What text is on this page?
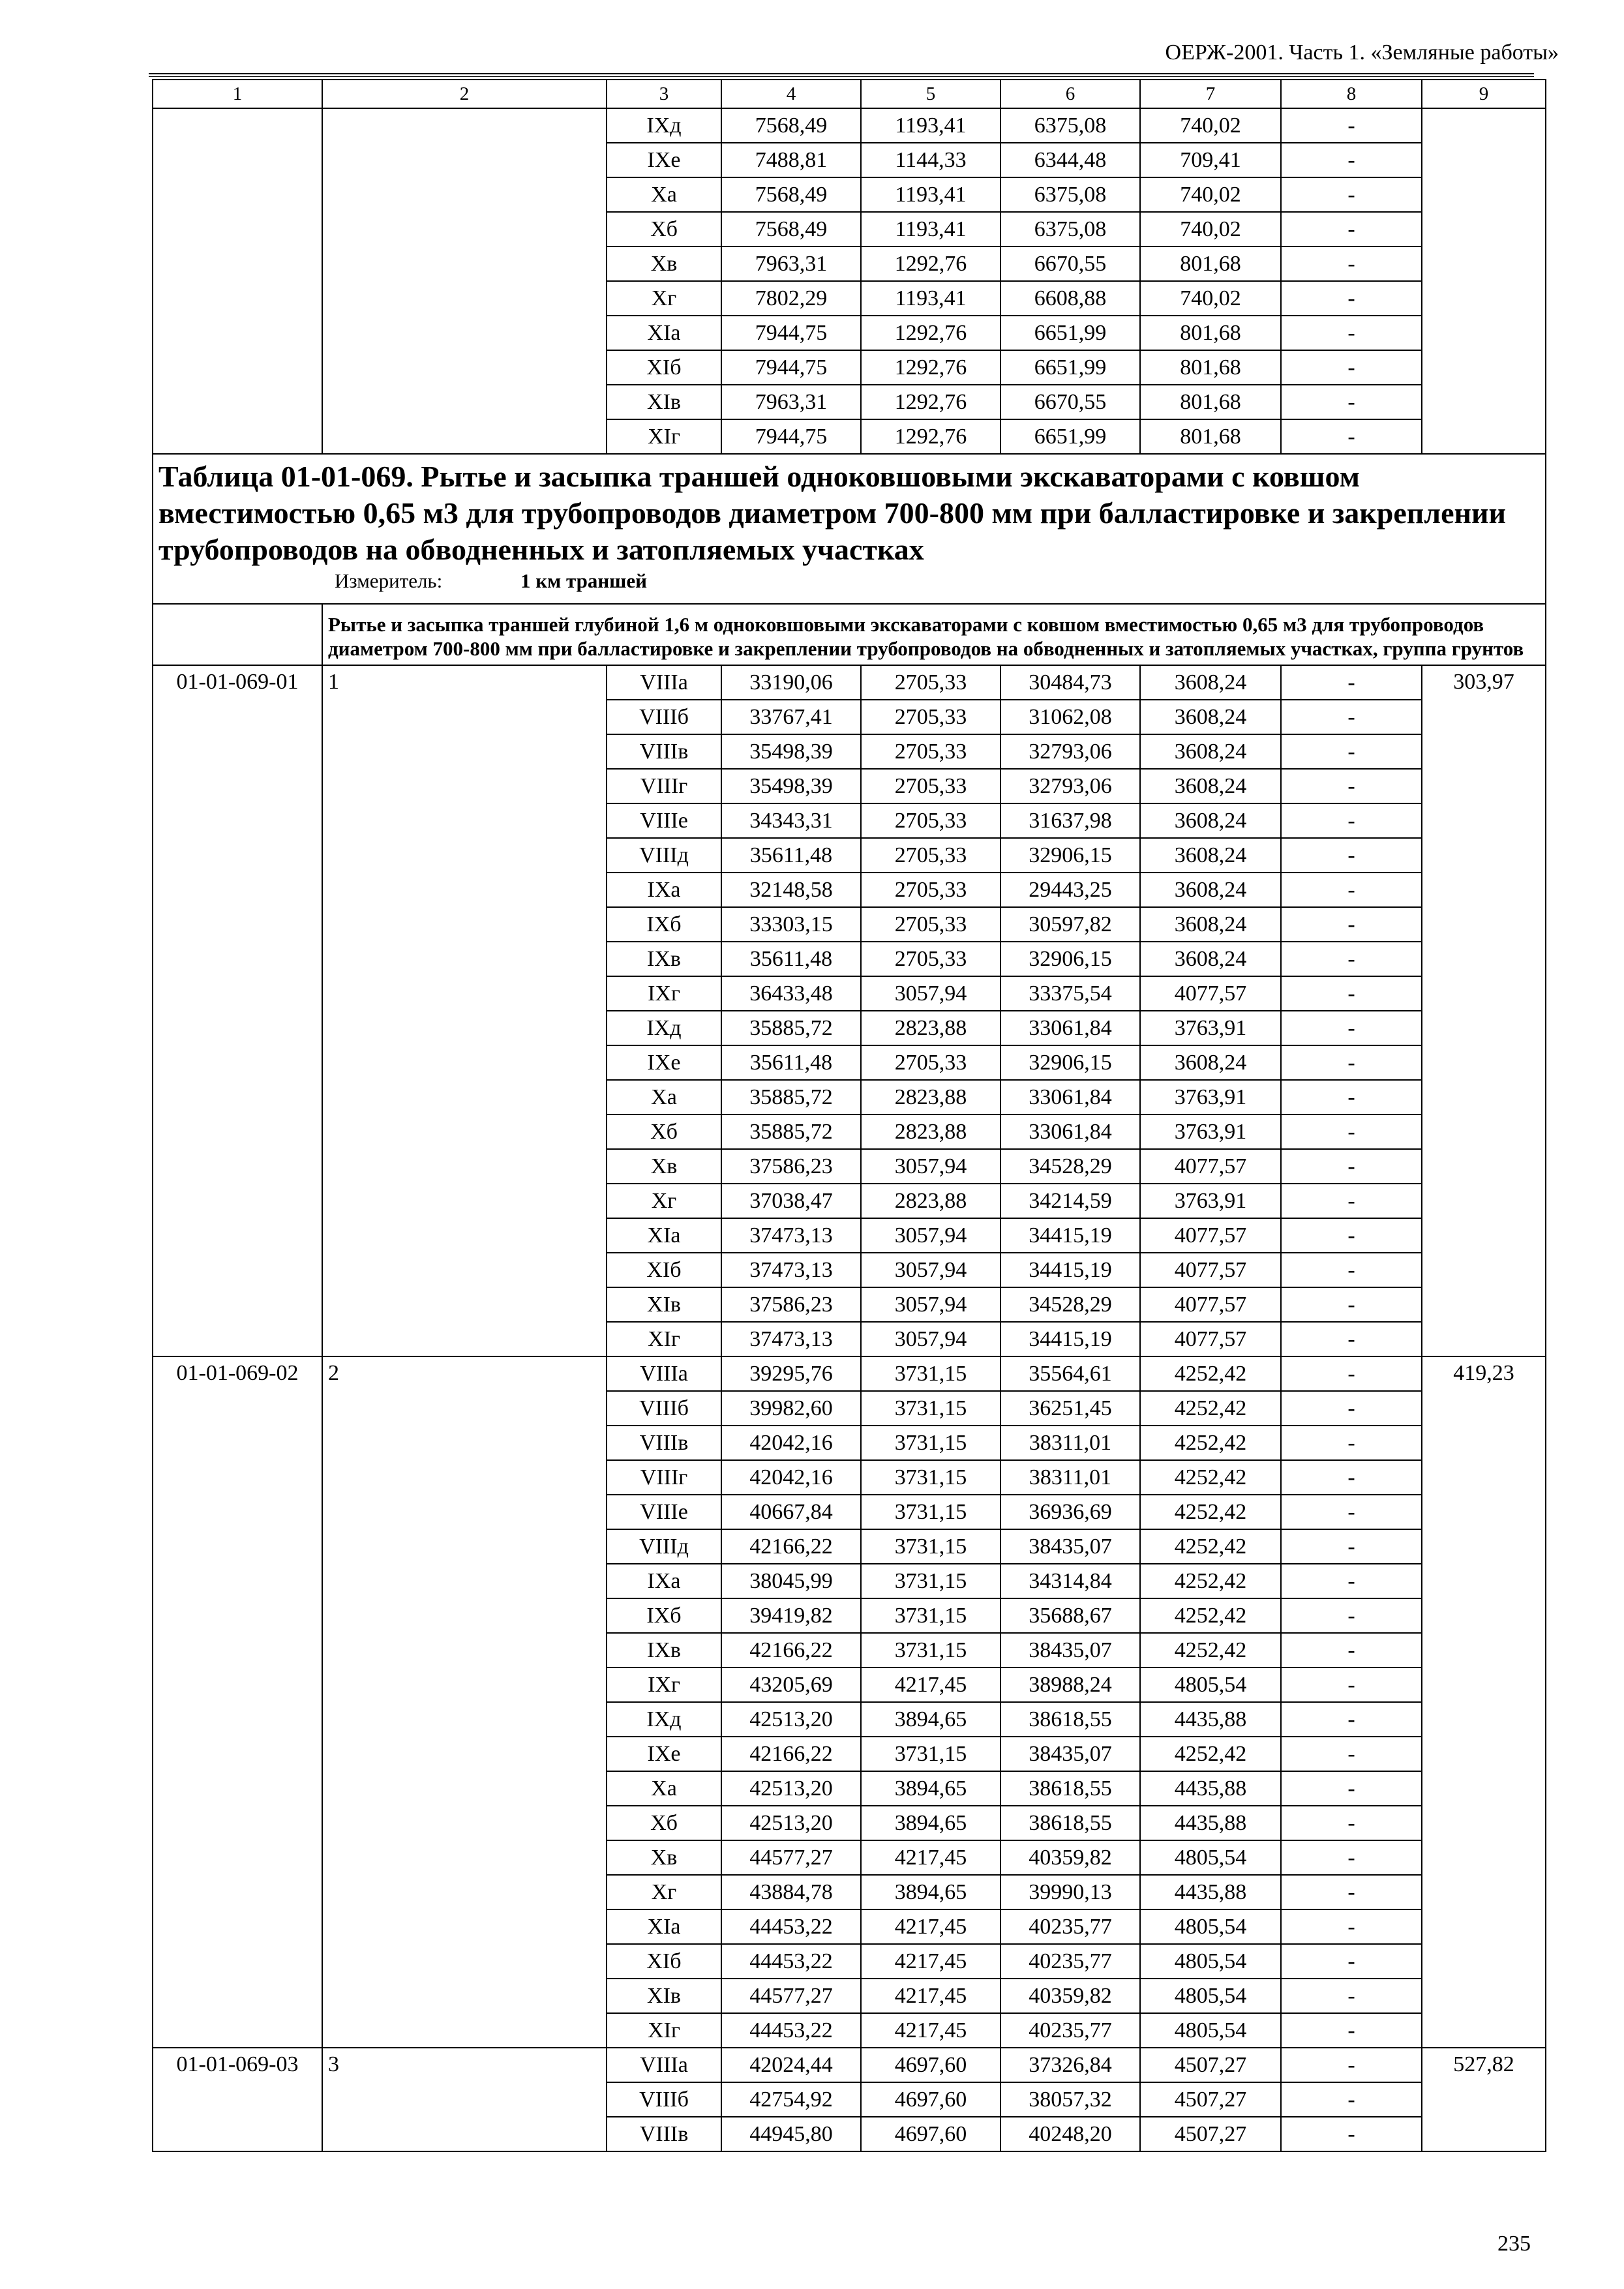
ОЕРЖ-2001. Часть 1. «Земляные работы»
1	2	3	4	5	6	7	8	9
		IXд	7568,49	1193,41	6375,08	740,02	-	
		IXе	7488,81	1144,33	6344,48	709,41	-	
		Xа	7568,49	1193,41	6375,08	740,02	-	
		Xб	7568,49	1193,41	6375,08	740,02	-	
		Xв	7963,31	1292,76	6670,55	801,68	-	
		Xг	7802,29	1193,41	6608,88	740,02	-	
		XIа	7944,75	1292,76	6651,99	801,68	-	
		XIб	7944,75	1292,76	6651,99	801,68	-	
		XIв	7963,31	1292,76	6670,55	801,68	-	
		XIг	7944,75	1292,76	6651,99	801,68	-	

Таблица 01-01-069. Рытье и засыпка траншей одноковшовыми экскаваторами с ковшом вместимостью 0,65 м3 для трубопроводов диаметром 700-800 мм при балластировке и закреплении трубопроводов на обводненных и затопляемых участках
Измеритель: 1 км траншей								

	Рытье и засыпка траншей глубиной 1,6 м одноковшовыми экскаваторами с ковшом вместимостью 0,65 м3 для трубопроводов диаметром 700-800 мм при балластировке и закреплении трубопроводов на обводненных и затопляемых участках, группа грунтов							
01-01-069-01	1	VIIIа	33190,06	2705,33	30484,73	3608,24	-	303,97
		VIIIб	33767,41	2705,33	31062,08	3608,24	-	
		VIIIв	35498,39	2705,33	32793,06	3608,24	-	
		VIIIг	35498,39	2705,33	32793,06	3608,24	-	
		VIIIе	34343,31	2705,33	31637,98	3608,24	-	
		VIIIд	35611,48	2705,33	32906,15	3608,24	-	
		IXа	32148,58	2705,33	29443,25	3608,24	-	
		IXб	33303,15	2705,33	30597,82	3608,24	-	
		IXв	35611,48	2705,33	32906,15	3608,24	-	
		IXг	36433,48	3057,94	33375,54	4077,57	-	
		IXд	35885,72	2823,88	33061,84	3763,91	-	
		IXе	35611,48	2705,33	32906,15	3608,24	-	
		Xа	35885,72	2823,88	33061,84	3763,91	-	
		Xб	35885,72	2823,88	33061,84	3763,91	-	
		Xв	37586,23	3057,94	34528,29	4077,57	-	
		Xг	37038,47	2823,88	34214,59	3763,91	-	
		XIа	37473,13	3057,94	34415,19	4077,57	-	
		XIб	37473,13	3057,94	34415,19	4077,57	-	
		XIв	37586,23	3057,94	34528,29	4077,57	-	
		XIг	37473,13	3057,94	34415,19	4077,57	-	
01-01-069-02	2	VIIIа	39295,76	3731,15	35564,61	4252,42	-	419,23
		VIIIб	39982,60	3731,15	36251,45	4252,42	-	
		VIIIв	42042,16	3731,15	38311,01	4252,42	-	
		VIIIг	42042,16	3731,15	38311,01	4252,42	-	
		VIIIе	40667,84	3731,15	36936,69	4252,42	-	
		VIIIд	42166,22	3731,15	38435,07	4252,42	-	
		IXа	38045,99	3731,15	34314,84	4252,42	-	
		IXб	39419,82	3731,15	35688,67	4252,42	-	
		IXв	42166,22	3731,15	38435,07	4252,42	-	
		IXг	43205,69	4217,45	38988,24	4805,54	-	
		IXд	42513,20	3894,65	38618,55	4435,88	-	
		IXе	42166,22	3731,15	38435,07	4252,42	-	
		Xа	42513,20	3894,65	38618,55	4435,88	-	
		Xб	42513,20	3894,65	38618,55	4435,88	-	
		Xв	44577,27	4217,45	40359,82	4805,54	-	
		Xг	43884,78	3894,65	39990,13	4435,88	-	
		XIа	44453,22	4217,45	40235,77	4805,54	-	
		XIб	44453,22	4217,45	40235,77	4805,54	-	
		XIв	44577,27	4217,45	40359,82	4805,54	-	
		XIг	44453,22	4217,45	40235,77	4805,54	-	
01-01-069-03	3	VIIIа	42024,44	4697,60	37326,84	4507,27	-	527,82
		VIIIб	42754,92	4697,60	38057,32	4507,27	-	
		VIIIв	44945,80	4697,60	40248,20	4507,27	-	
235
